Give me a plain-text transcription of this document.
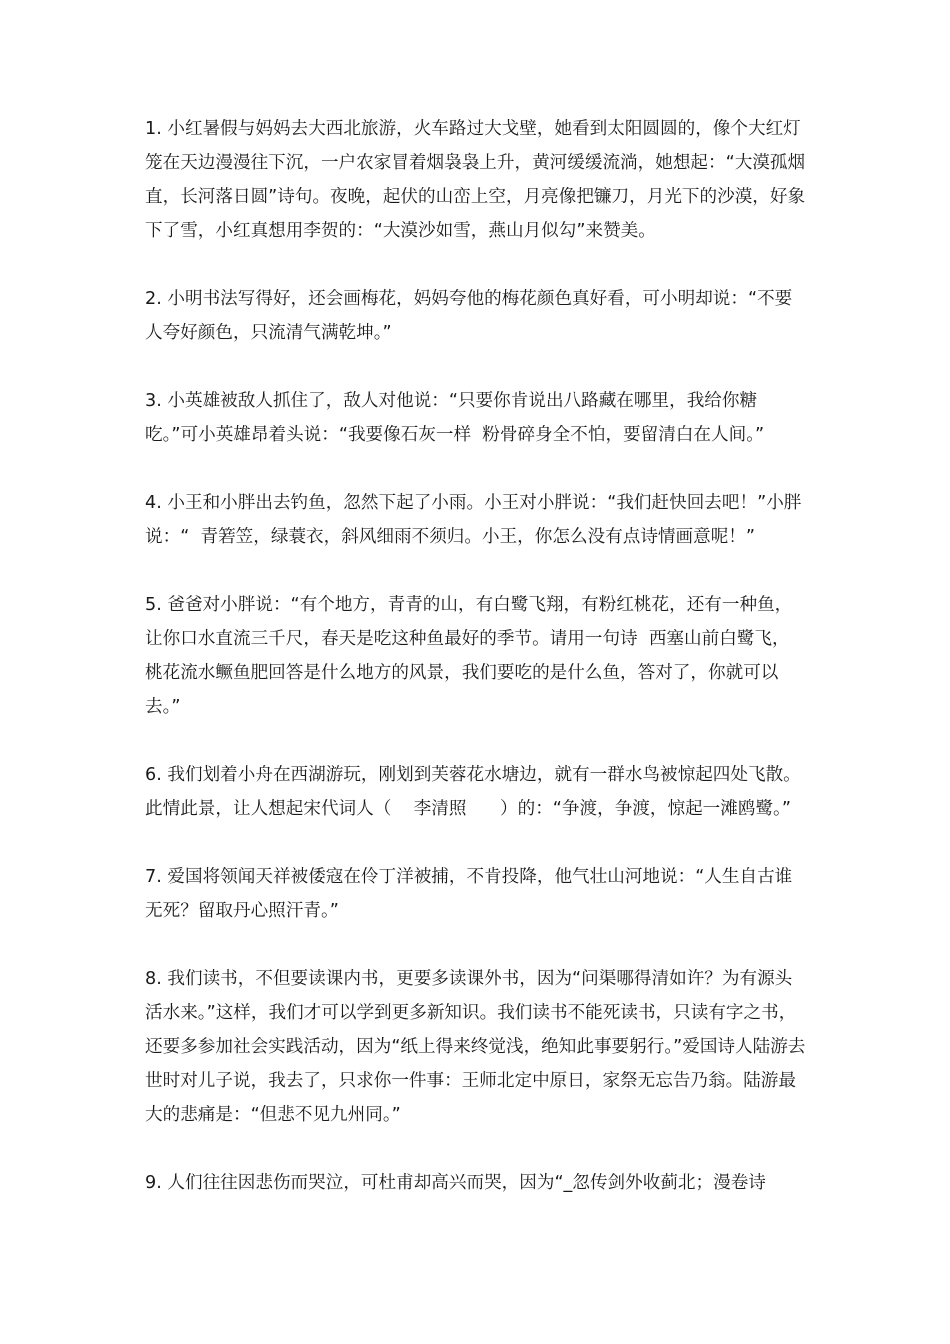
1. 小红暑假与妈妈去大西北旅游，火车路过大戈壁，她看到太阳圆圆的，像个大红灯笼在天边漫漫往下沉，一户农家冒着烟袅袅上升，黄河缓缓流淌，她想起：“大漠孤烟直，长河落日圆”诗句。夜晚，起伏的山峦上空，月亮像把镰刀，月光下的沙漠，好象下了雪，小红真想用李贺的：“大漠沙如雪，燕山月似勾”来赞美。

2. 小明书法写得好，还会画梅花，妈妈夸他的梅花颜色真好看，可小明却说：“不要人夸好颜色，只流清气满乾坤。”

3. 小英雄被敌人抓住了，敌人对他说：“只要你肯说出八路藏在哪里，我给你糖吃。”可小英雄昂着头说：“我要像石灰一样  粉骨碎身全不怕，要留清白在人间。”

4. 小王和小胖出去钓鱼，忽然下起了小雨。小王对小胖说：“我们赶快回去吧！”小胖说：“  青箬笠，绿蓑衣，斜风细雨不须归。小王，你怎么没有点诗情画意呢！”

5. 爸爸对小胖说：“有个地方，青青的山，有白鹭飞翔，有粉红桃花，还有一种鱼，让你口水直流三千尺，春天是吃这种鱼最好的季节。请用一句诗  西塞山前白鹭飞，桃花流水鳜鱼肥回答是什么地方的风景，我们要吃的是什么鱼，答对了，你就可以去。”

6. 我们划着小舟在西湖游玩，刚划到芙蓉花水塘边，就有一群水鸟被惊起四处飞散。此情此景，让人想起宋代词人（    李清照      ）的：“争渡，争渡，惊起一滩鸥鹭。”

7. 爱国将领闻天祥被倭寇在伶丁洋被捕，不肯投降，他气壮山河地说：“人生自古谁无死？留取丹心照汗青。”

8. 我们读书，不但要读课内书，更要多读课外书，因为“问渠哪得清如许？为有源头活水来。”这样，我们才可以学到更多新知识。我们读书不能死读书，只读有字之书，还要多参加社会实践活动，因为“纸上得来终觉浅，绝知此事要躬行。”爱国诗人陆游去世时对儿子说，我去了，只求你一件事：王师北定中原日，家祭无忘告乃翁。陆游最大的悲痛是：“但悲不见九州同。”

9. 人们往往因悲伤而哭泣，可杜甫却高兴而哭，因为“_忽传剑外收蓟北；漫卷诗
